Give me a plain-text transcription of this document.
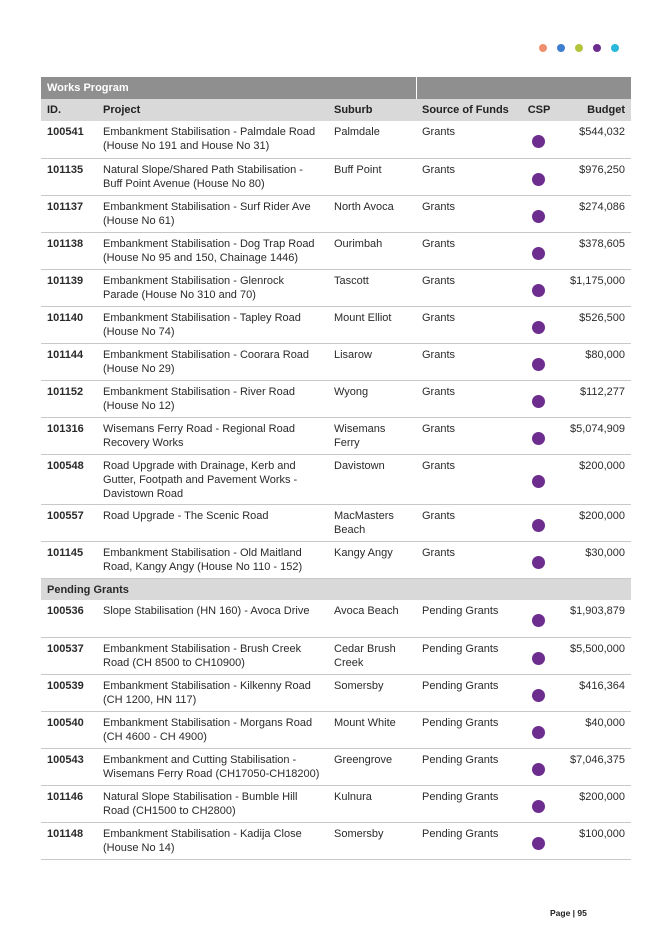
Works Program					
ID.	Project	Suburb	Source of Funds	CSP	Budget
100541	Embankment Stabilisation - Palmdale Road (House No 191 and House No 31)	Palmdale	Grants		$544,032
101135	Natural Slope/Shared Path Stabilisation - Buff Point Avenue (House No 80)	Buff Point	Grants		$976,250
101137	Embankment Stabilisation - Surf Rider Ave (House No 61)	North Avoca	Grants		$274,086
101138	Embankment Stabilisation - Dog Trap Road (House No 95 and 150, Chainage 1446)	Ourimbah	Grants		$378,605
101139	Embankment Stabilisation - Glenrock Parade (House No 310 and 70)	Tascott	Grants		$1,175,000
101140	Embankment Stabilisation - Tapley Road (House No 74)	Mount Elliot	Grants		$526,500
101144	Embankment Stabilisation - Coorara Road (House No 29)	Lisarow	Grants		$80,000
101152	Embankment Stabilisation - River Road (House No 12)	Wyong	Grants		$112,277
101316	Wisemans Ferry Road - Regional Road Recovery Works	Wisemans Ferry	Grants		$5,074,909
100548	Road Upgrade with Drainage, Kerb and Gutter, Footpath and Pavement Works - Davistown Road	Davistown	Grants		$200,000
100557	Road Upgrade - The Scenic Road	MacMasters Beach	Grants		$200,000
101145	Embankment Stabilisation - Old Maitland Road, Kangy Angy (House No 110 - 152)	Kangy Angy	Grants		$30,000
Pending Grants					
100536	Slope Stabilisation (HN 160) - Avoca Drive	Avoca Beach	Pending Grants		$1,903,879
100537	Embankment Stabilisation - Brush Creek Road (CH 8500 to CH10900)	Cedar Brush Creek	Pending Grants		$5,500,000
100539	Embankment Stabilisation - Kilkenny Road (CH 1200, HN 117)	Somersby	Pending Grants		$416,364
100540	Embankment Stabilisation - Morgans Road (CH 4600 - CH 4900)	Mount White	Pending Grants		$40,000
100543	Embankment and Cutting Stabilisation - Wisemans Ferry Road (CH17050-CH18200)	Greengrove	Pending Grants		$7,046,375
101146	Natural Slope Stabilisation - Bumble Hill Road (CH1500 to CH2800)	Kulnura	Pending Grants		$200,000
101148	Embankment Stabilisation - Kadija Close (House No 14)	Somersby	Pending Grants		$100,000
Page | 95
